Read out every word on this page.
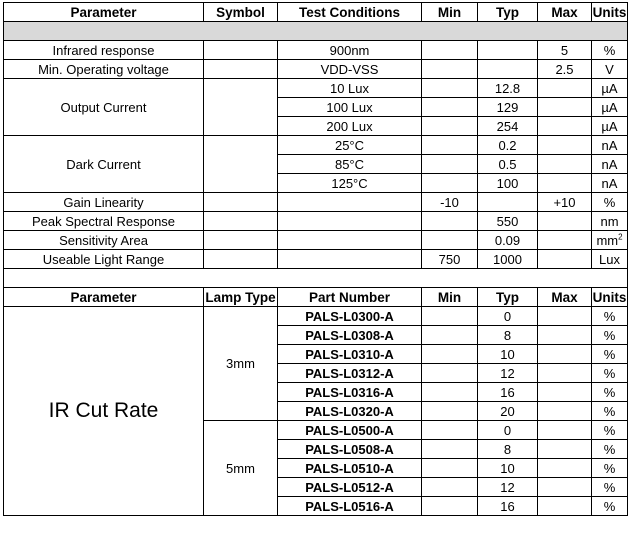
Parameter	Symbol	Test Conditions	Min	Typ	Max	Units

Infrared response		900nm			5	%
Min. Operating voltage		VDD-VSS			2.5	V
Output Current		10 Lux		12.8		µA
		100 Lux		129		µA
		200 Lux		254		µA
Dark Current		25°C		0.2		nA
		85°C		0.5		nA
		125°C		100		nA
Gain Linearity			-10		+10	%
Peak Spectral Response				550		nm
Sensitivity Area				0.09		$mm^2$
Useable Light Range			750	1000		Lux

Parameter	Lamp Type	Part Number	Min	Typ	Max	Units
IR Cut Rate	3mm	PALS-L0300-A		0		%
		PALS-L0308-A		8		%
		PALS-L0310-A		10		%
		PALS-L0312-A		12		%
		PALS-L0316-A		16		%
		PALS-L0320-A		20		%
	5mm	PALS-L0500-A		0		%
		PALS-L0508-A		8		%
		PALS-L0510-A		10		%
		PALS-L0512-A		12		%
		PALS-L0516-A		16		%
